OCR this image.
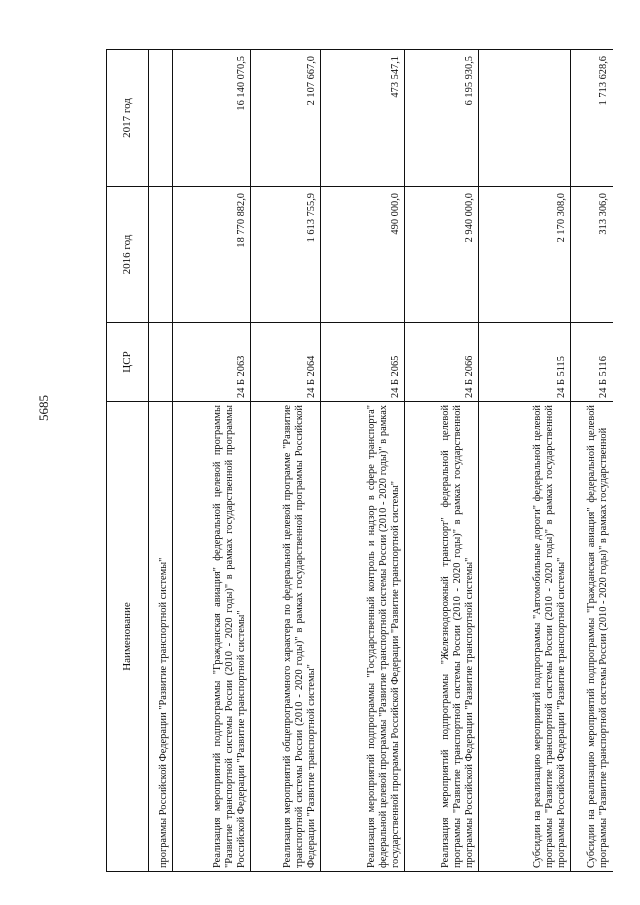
5685
Наименование	ЦСР	2016 год	2017 год
программы Российской Федерации "Развитие транспортной системы"			
Реализация мероприятий подпрограммы "Гражданская авиация" федеральной целевой программы "Развитие транспортной системы России (2010 - 2020 годы)" в рамках государственной программы Российской Федерации "Развитие транспортной системы"	24 Б 2063	18 770 882,0	16 140 070,5
Реализация мероприятий общепрограммного характера по федеральной целевой программе "Развитие транспортной системы России (2010 - 2020 годы)" в рамках государственной программы Российской Федерации "Развитие транспортной системы"	24 Б 2064	1 613 755,9	2 107 667,0
Реализация мероприятий подпрограммы "Государственный контроль и надзор в сфере транспорта" федеральной целевой программы "Развитие транспортной системы России (2010 - 2020 годы)" в рамках государственной программы Российской Федерации "Развитие транспортной системы"	24 Б 2065	490 000,0	473 547,1
Реализация мероприятий подпрограммы "Железнодорожный транспорт" федеральной целевой программы "Развитие транспортной системы России (2010 - 2020 годы)" в рамках государственной программы Российской Федерации "Развитие транспортной системы"	24 Б 2066	2 940 000,0	6 195 930,5
Субсидии на реализацию мероприятий подпрограммы "Автомобильные дороги" федеральной целевой программы "Развитие транспортной системы России (2010 - 2020 годы)" в рамках государственной программы Российской Федерации "Развитие транспортной системы"	24 Б 5115	2 170 308,0	
Субсидии на реализацию мероприятий подпрограммы "Гражданская авиация" федеральной целевой программы "Развитие транспортной системы России (2010 - 2020 годы)" в рамках государственной	24 Б 5116	313 306,0	1 713 628,6
